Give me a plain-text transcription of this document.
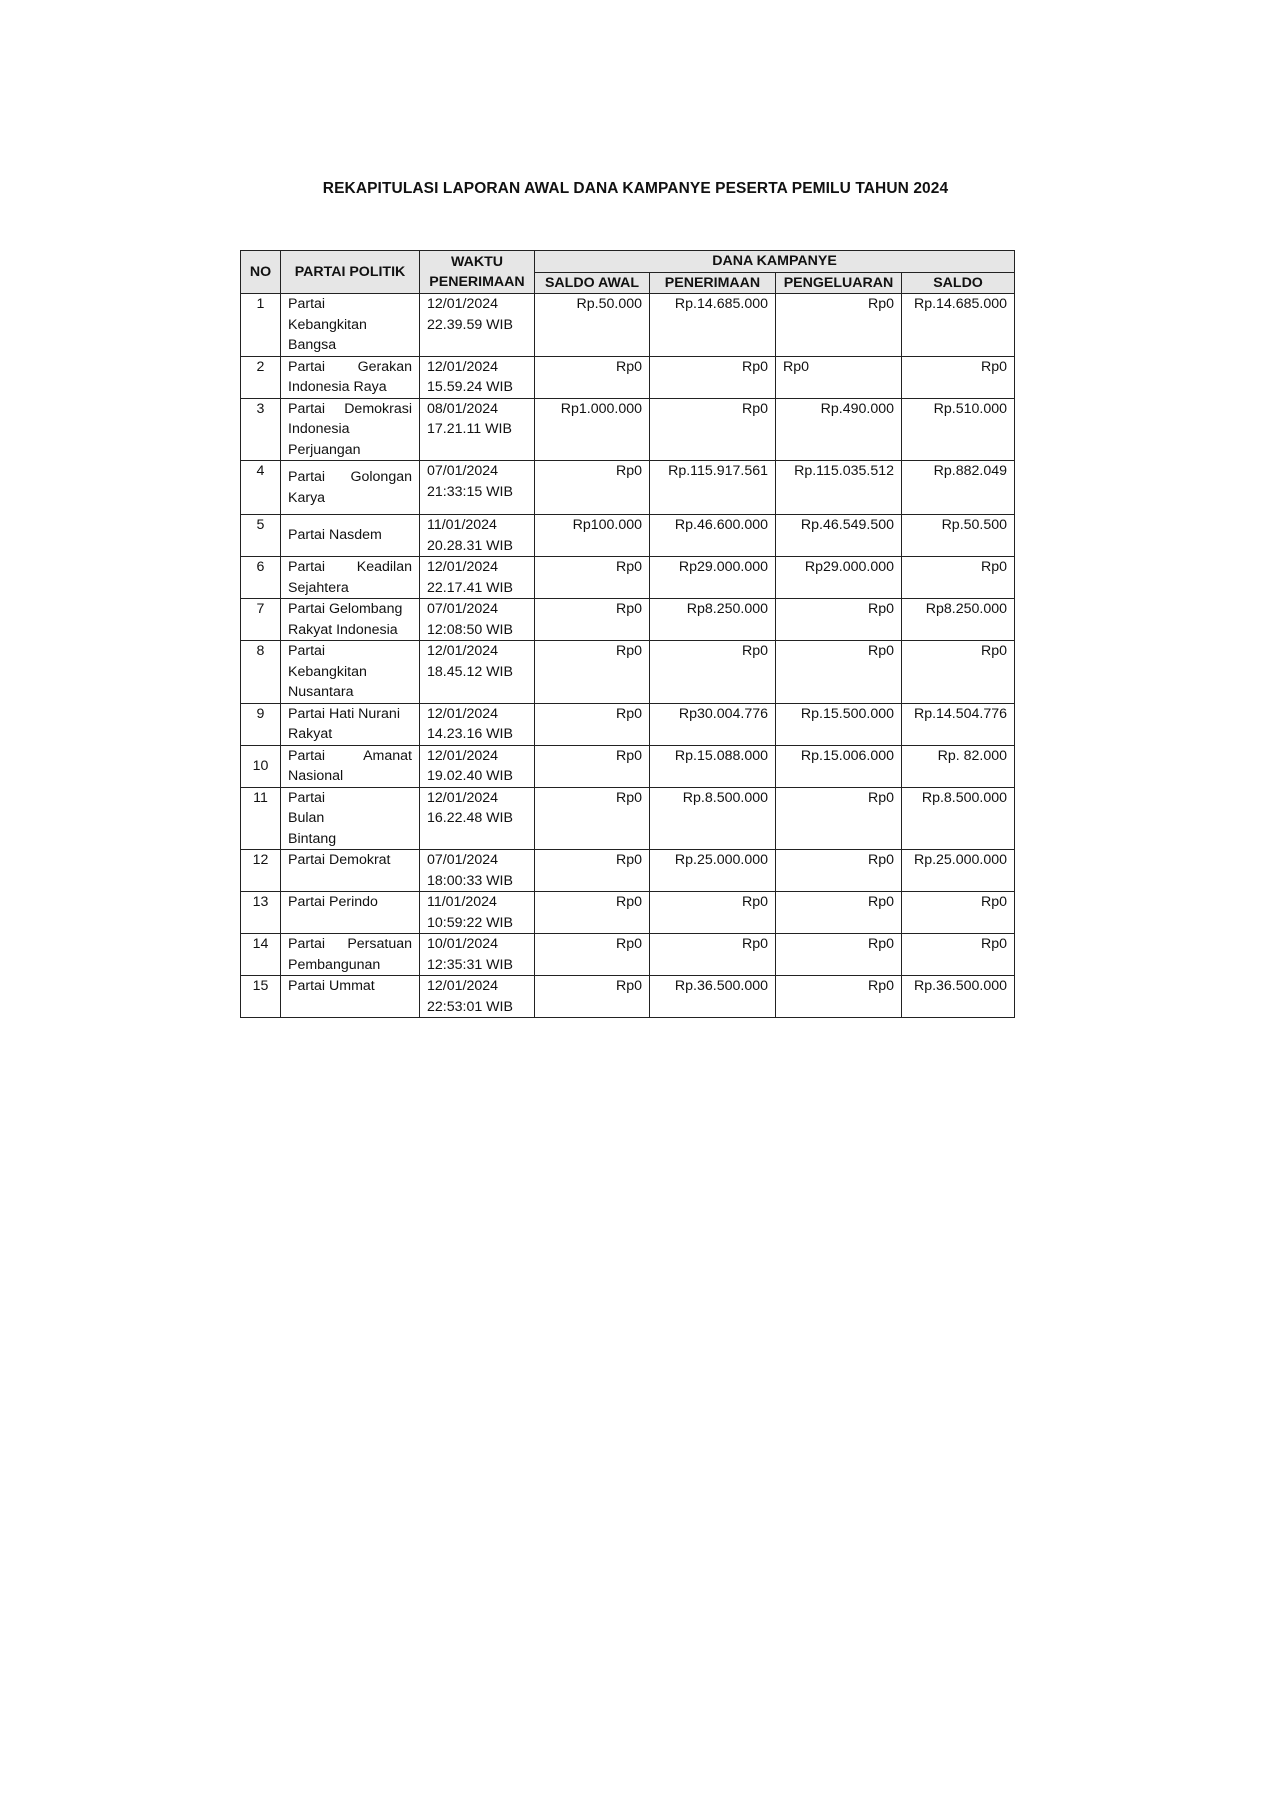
REKAPITULASI LAPORAN AWAL DANA KAMPANYE PESERTA PEMILU TAHUN 2024
NO	PARTAI POLITIK	WAKTU
PENERIMAAN	DANA KAMPANYE			
			SALDO AWAL	PENERIMAAN	PENGELUARAN	SALDO
1	Partai Kebangkitan Bangsa	12/01/2024
22.39.59 WIB	Rp.50.000	Rp.14.685.000	Rp0	Rp.14.685.000
2	Partai Gerakan Indonesia Raya	12/01/2024
15.59.24 WIB	Rp0	Rp0	Rp0	Rp0
3	Partai Demokrasi Indonesia Perjuangan	08/01/2024
17.21.11 WIB	Rp1.000.000	Rp0	Rp.490.000	Rp.510.000
4	Partai Golongan Karya	07/01/2024
21:33:15 WIB	Rp0	Rp.115.917.561	Rp.115.035.512	Rp.882.049
5	Partai Nasdem	11/01/2024
20.28.31 WIB	Rp100.000	Rp.46.600.000	Rp.46.549.500	Rp.50.500
6	Partai Keadilan Sejahtera	12/01/2024
22.17.41 WIB	Rp0	Rp29.000.000	Rp29.000.000	Rp0
7	Partai Gelombang Rakyat Indonesia	07/01/2024
12:08:50 WIB	Rp0	Rp8.250.000	Rp0	Rp8.250.000
8	Partai Kebangkitan Nusantara	12/01/2024
18.45.12 WIB	Rp0	Rp0	Rp0	Rp0
9	Partai Hati Nurani Rakyat	12/01/2024
14.23.16 WIB	Rp0	Rp30.004.776	Rp.15.500.000	Rp.14.504.776
10	Partai Amanat Nasional	12/01/2024
19.02.40 WIB	Rp0	Rp.15.088.000	Rp.15.006.000	Rp. 82.000
11	Partai Bulan Bintang	12/01/2024
16.22.48 WIB	Rp0	Rp.8.500.000	Rp0	Rp.8.500.000
12	Partai Demokrat	07/01/2024
18:00:33 WIB	Rp0	Rp.25.000.000	Rp0	Rp.25.000.000
13	Partai Perindo	11/01/2024
10:59:22 WIB	Rp0	Rp0	Rp0	Rp0
14	Partai Persatuan Pembangunan	10/01/2024
12:35:31 WIB	Rp0	Rp0	Rp0	Rp0
15	Partai Ummat	12/01/2024
22:53:01 WIB	Rp0	Rp.36.500.000	Rp0	Rp.36.500.000
